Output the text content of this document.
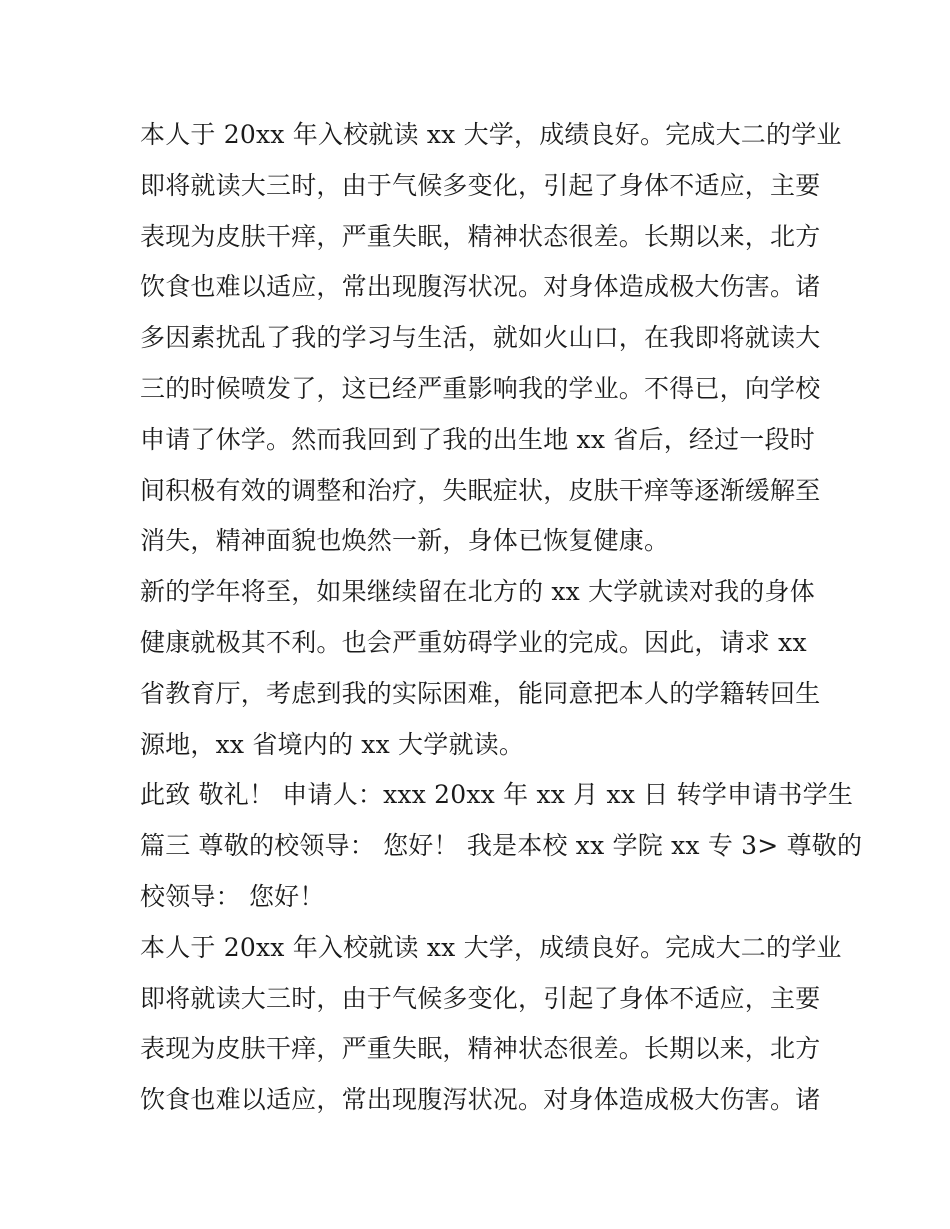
本人于 20xx 年入校就读 xx 大学，成绩良好。完成大二的学业
即将就读大三时，由于气候多变化，引起了身体不适应，主要
表现为皮肤干痒，严重失眠，精神状态很差。长期以来，北方
饮食也难以适应，常出现腹泻状况。对身体造成极大伤害。诸
多因素扰乱了我的学习与生活，就如火山口，在我即将就读大
三的时候喷发了，这已经严重影响我的学业。不得已，向学校
申请了休学。然而我回到了我的出生地 xx 省后，经过一段时
间积极有效的调整和治疗，失眠症状，皮肤干痒等逐渐缓解至
消失，精神面貌也焕然一新，身体已恢复健康。
新的学年将至，如果继续留在北方的 xx 大学就读对我的身体
健康就极其不利。也会严重妨碍学业的完成。因此，请求 xx
省教育厅，考虑到我的实际困难，能同意把本人的学籍转回生
源地，xx 省境内的 xx 大学就读。
此致 敬礼！ 申请人：xxx 20xx 年 xx 月 xx 日 转学申请书学生
篇三 尊敬的校领导： 您好！ 我是本校 xx 学院 xx 专 3> 尊敬的
校领导： 您好！
本人于 20xx 年入校就读 xx 大学，成绩良好。完成大二的学业
即将就读大三时，由于气候多变化，引起了身体不适应，主要
表现为皮肤干痒，严重失眠，精神状态很差。长期以来，北方
饮食也难以适应，常出现腹泻状况。对身体造成极大伤害。诸
